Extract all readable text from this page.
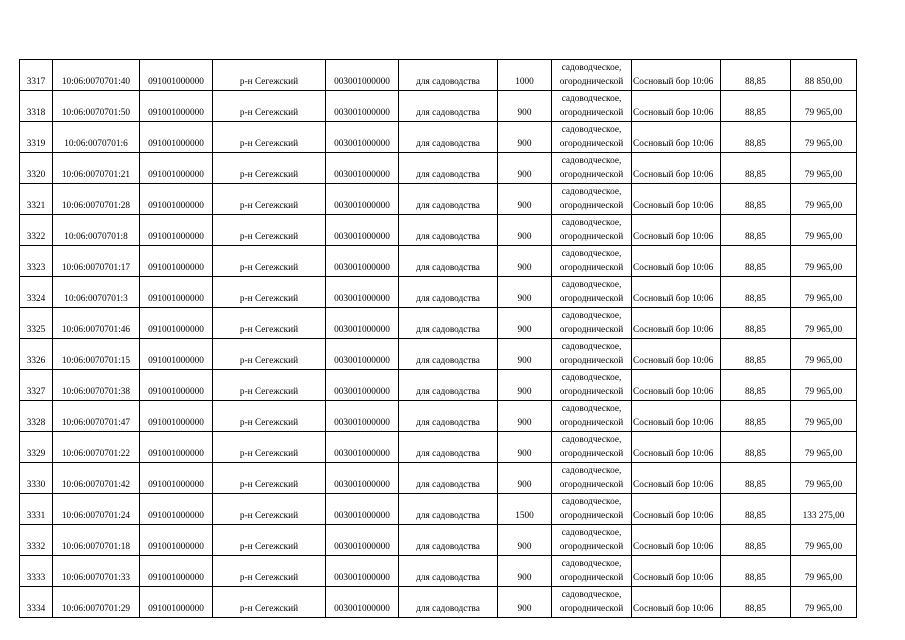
3317	10:06:0070701:40	091001000000	р-н Сегежский	003001000000	для садоводства	1000	садоводческое,
огороднической	Сосновый бор 10:06	88,85	88 850,00
3318	10:06:0070701:50	091001000000	р-н Сегежский	003001000000	для садоводства	900	садоводческое,
огороднической	Сосновый бор 10:06	88,85	79 965,00
3319	10:06:0070701:6	091001000000	р-н Сегежский	003001000000	для садоводства	900	садоводческое,
огороднической	Сосновый бор 10:06	88,85	79 965,00
3320	10:06:0070701:21	091001000000	р-н Сегежский	003001000000	для садоводства	900	садоводческое,
огороднической	Сосновый бор 10:06	88,85	79 965,00
3321	10:06:0070701:28	091001000000	р-н Сегежский	003001000000	для садоводства	900	садоводческое,
огороднической	Сосновый бор 10:06	88,85	79 965,00
3322	10:06:0070701:8	091001000000	р-н Сегежский	003001000000	для садоводства	900	садоводческое,
огороднической	Сосновый бор 10:06	88,85	79 965,00
3323	10:06:0070701:17	091001000000	р-н Сегежский	003001000000	для садоводства	900	садоводческое,
огороднической	Сосновый бор 10:06	88,85	79 965,00
3324	10:06:0070701:3	091001000000	р-н Сегежский	003001000000	для садоводства	900	садоводческое,
огороднической	Сосновый бор 10:06	88,85	79 965,00
3325	10:06:0070701:46	091001000000	р-н Сегежский	003001000000	для садоводства	900	садоводческое,
огороднической	Сосновый бор 10:06	88,85	79 965,00
3326	10:06:0070701:15	091001000000	р-н Сегежский	003001000000	для садоводства	900	садоводческое,
огороднической	Сосновый бор 10:06	88,85	79 965,00
3327	10:06:0070701:38	091001000000	р-н Сегежский	003001000000	для садоводства	900	садоводческое,
огороднической	Сосновый бор 10:06	88,85	79 965,00
3328	10:06:0070701:47	091001000000	р-н Сегежский	003001000000	для садоводства	900	садоводческое,
огороднической	Сосновый бор 10:06	88,85	79 965,00
3329	10:06:0070701:22	091001000000	р-н Сегежский	003001000000	для садоводства	900	садоводческое,
огороднической	Сосновый бор 10:06	88,85	79 965,00
3330	10:06:0070701:42	091001000000	р-н Сегежский	003001000000	для садоводства	900	садоводческое,
огороднической	Сосновый бор 10:06	88,85	79 965,00
3331	10:06:0070701:24	091001000000	р-н Сегежский	003001000000	для садоводства	1500	садоводческое,
огороднической	Сосновый бор 10:06	88,85	133 275,00
3332	10:06:0070701:18	091001000000	р-н Сегежский	003001000000	для садоводства	900	садоводческое,
огороднической	Сосновый бор 10:06	88,85	79 965,00
3333	10:06:0070701:33	091001000000	р-н Сегежский	003001000000	для садоводства	900	садоводческое,
огороднической	Сосновый бор 10:06	88,85	79 965,00
3334	10:06:0070701:29	091001000000	р-н Сегежский	003001000000	для садоводства	900	садоводческое,
огороднической	Сосновый бор 10:06	88,85	79 965,00
